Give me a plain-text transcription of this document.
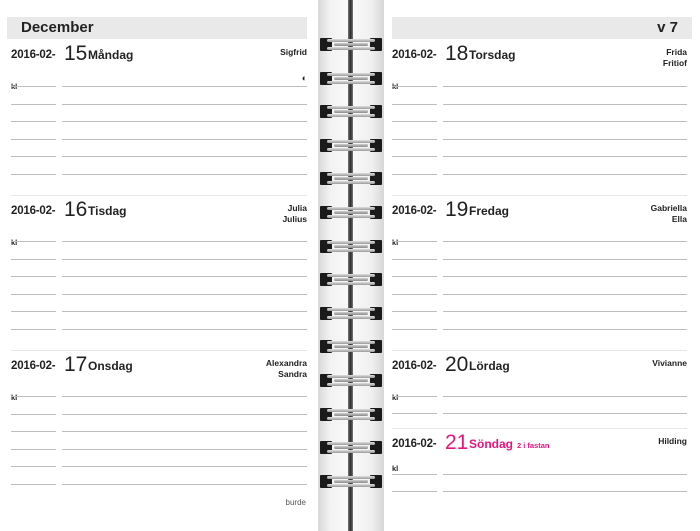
December
2016-02- 15 Måndag	Sigfrid
◐
kl
2016-02- 16 Tisdag	Julia
Julius
kl
2016-02- 17 Onsdag	Alexandra
Sandra
kl
burde
v 7
2016-02- 18 Torsdag	Frida
Fritiof
kl
2016-02- 19 Fredag	Gabriella
Ella
kl
2016-02- 20 Lördag	Vivianne
kl
2016-02- 21 Söndag 2 i fastan	Hilding
kl
